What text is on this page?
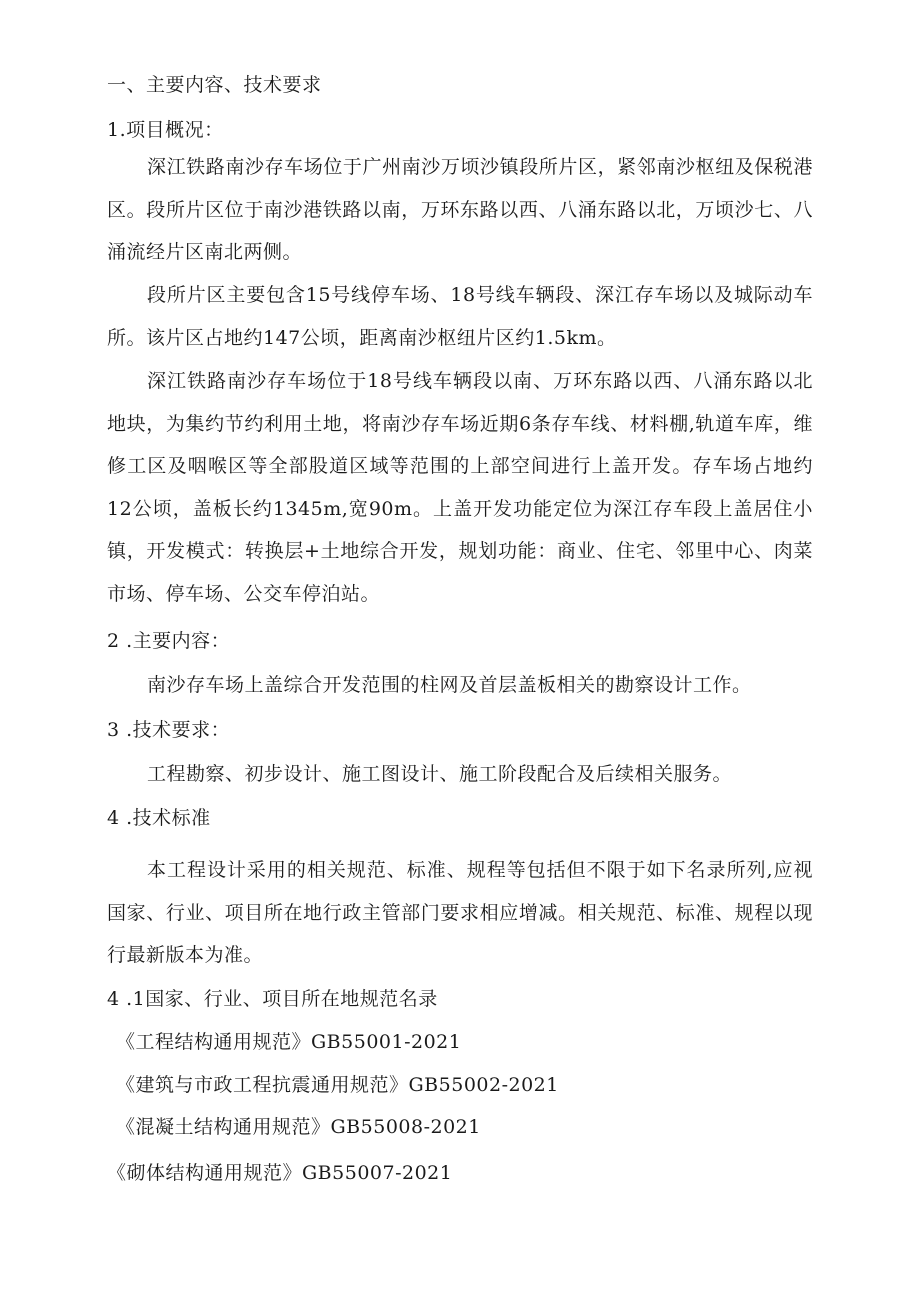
一、主要内容、技术要求
1.项目概况：
深江铁路南沙存车场位于广州南沙万顷沙镇段所片区，紧邻南沙枢纽及保税港区。段所片区位于南沙港铁路以南，万环东路以西、八涌东路以北，万顷沙七、八涌流经片区南北两侧。
段所片区主要包含15号线停车场、18号线车辆段、深江存车场以及城际动车所。该片区占地约147公顷，距离南沙枢纽片区约1.5km。
深江铁路南沙存车场位于18号线车辆段以南、万环东路以西、八涌东路以北地块，为集约节约利用土地，将南沙存车场近期6条存车线、材料棚,轨道车库，维修工区及咽喉区等全部股道区域等范围的上部空间进行上盖开发。存车场占地约12公顷，盖板长约1345m,宽90m。上盖开发功能定位为深江存车段上盖居住小镇，开发模式：转换层+土地综合开发，规划功能：商业、住宅、邻里中心、肉菜市场、停车场、公交车停泊站。
2 .主要内容：
南沙存车场上盖综合开发范围的柱网及首层盖板相关的勘察设计工作。
3 .技术要求：
工程勘察、初步设计、施工图设计、施工阶段配合及后续相关服务。
4 .技术标准
本工程设计采用的相关规范、标准、规程等包括但不限于如下名录所列,应视国家、行业、项目所在地行政主管部门要求相应增减。相关规范、标准、规程以现行最新版本为准。
4 .1国家、行业、项目所在地规范名录
《工程结构通用规范》GB55001-2021
《建筑与市政工程抗震通用规范》GB55002-2021
《混凝土结构通用规范》GB55008-2021
《砌体结构通用规范》GB55007-2021
